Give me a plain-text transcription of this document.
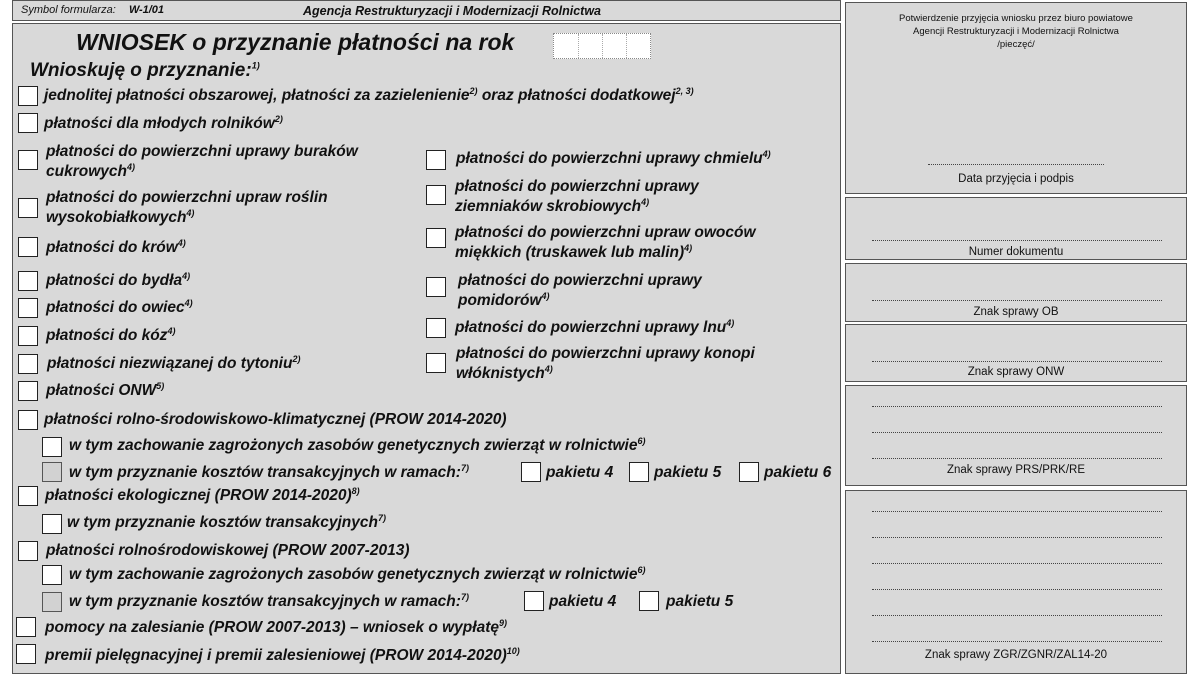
Symbol formularza: W-1/01	Agencja Restrukturyzacji i Modernizacji Rolnictwa
WNIOSEK o przyznanie płatności na rok
Wnioskuję o przyznanie:$^{1)}$
jednolitej płatności obszarowej, płatności za zazielenienie$^{2)}$ oraz płatności dodatkowej$^{2, 3)}$
płatności dla młodych rolników$^{2)}$
płatności do powierzchni uprawy buraków cukrowych$^{4)}$
płatności do powierzchni upraw roślin wysokobiałkowych$^{4)}$
płatności do krów$^{4)}$
płatności do bydła$^{4)}$
płatności do owiec$^{4)}$
płatności do kóz$^{4)}$
płatności niezwiązanej do tytoniu$^{2)}$
płatności ONW$^{5)}$
płatności do powierzchni uprawy chmielu$^{4)}$
płatności do powierzchni uprawy ziemniaków skrobiowych$^{4)}$
płatności do powierzchni upraw owoców miękkich (truskawek lub malin)$^{4)}$
płatności do powierzchni uprawy pomidorów$^{4)}$
płatności do powierzchni uprawy lnu$^{4)}$
płatności do powierzchni uprawy konopi włóknistych$^{4)}$
płatności rolno-środowiskowo-klimatycznej (PROW 2014-2020)
w tym zachowanie zagrożonych zasobów genetycznych zwierząt w rolnictwie$^{6)}$
w tym przyznanie kosztów transakcyjnych w ramach:$^{7)}$	pakietu 4	pakietu 5	pakietu 6
płatności ekologicznej (PROW 2014-2020)$^{8)}$
w tym przyznanie kosztów transakcyjnych$^{7)}$
płatności rolnośrodowiskowej (PROW 2007-2013)
w tym zachowanie zagrożonych zasobów genetycznych zwierząt w rolnictwie$^{6)}$
w tym przyznanie kosztów transakcyjnych w ramach:$^{7)}$	pakietu 4	pakietu 5
pomocy na zalesianie (PROW 2007-2013) – wniosek o wypłatę$^{9)}$
premii pielęgnacyjnej i premii zalesieniowej (PROW 2014-2020)$^{10)}$
Potwierdzenie przyjęcia wniosku przez biuro powiatowe
Agencji Restrukturyzacji i Modernizacji Rolnictwa
/pieczęć/
Data przyjęcia i podpis
Numer dokumentu
Znak sprawy OB
Znak sprawy ONW
Znak sprawy PRS/PRK/RE
Znak sprawy ZGR/ZGNR/ZAL14-20
